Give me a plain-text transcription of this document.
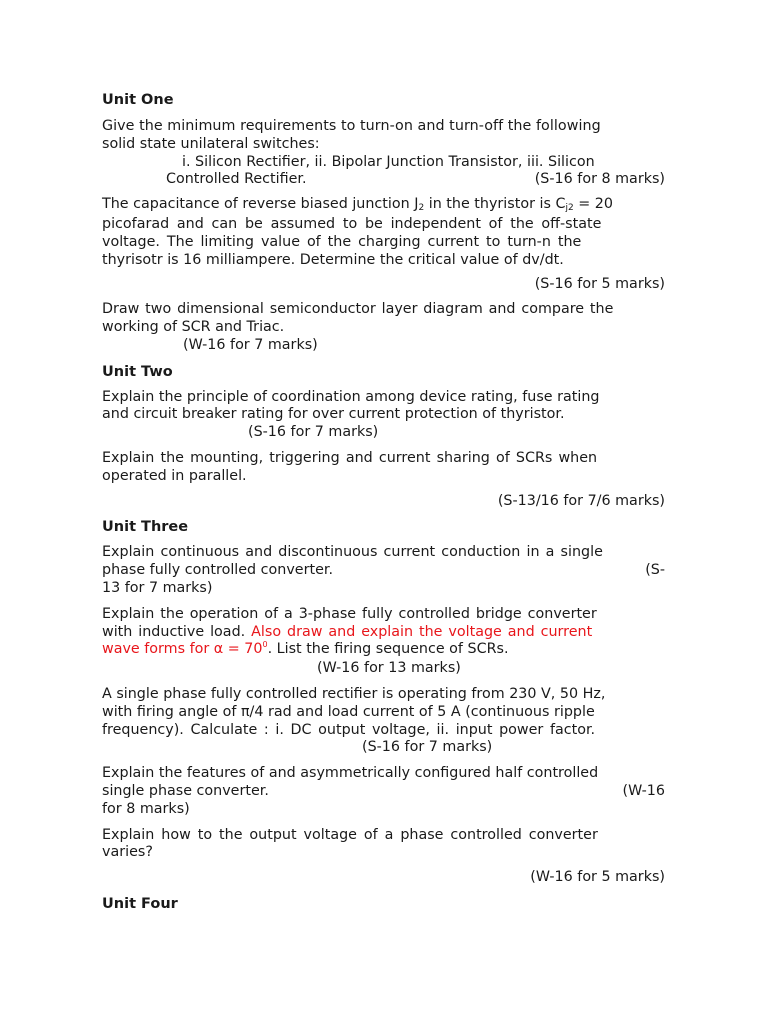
Unit One

Give the minimum requirements to turn-on and turn-off the following

solid state unilateral switches:

i. Silicon Rectifier, ii. Bipolar Junction Transistor, iii. Silicon

Controlled Rectifier.	(S-16 for 8 marks)

The capacitance of reverse biased junction J2 in the thyristor is Cj2 = 20

picofarad and can be assumed to be independent of the off-state

voltage. The limiting value of the charging current to turn-n the

thyrisotr is 16 milliampere. Determine the critical value of dv/dt.

(S-16 for 5 marks)

Draw two dimensional semiconductor layer diagram and compare the

working of SCR and Triac.

(W-16 for 7 marks)

Unit Two

Explain the principle of coordination among device rating, fuse rating

and circuit breaker rating for over current protection of thyristor.

(S-16 for 7 marks)

Explain the mounting, triggering and current sharing of SCRs when

operated in parallel.

(S-13/16 for 7/6 marks)

Unit Three

Explain continuous and discontinuous current conduction in a single

phase fully controlled converter.	(S-

13 for 7 marks)

Explain the operation of a 3-phase fully controlled bridge converter

with inductive load. Also draw and explain the voltage and current

wave forms for $\alpha = 70^0$. List the firing sequence of SCRs.

(W-16 for 13 marks)

A single phase fully controlled rectifier is operating from 230 V, 50 Hz,

with firing angle of π/4 rad and load current of 5 A (continuous ripple

frequency). Calculate : i. DC output voltage, ii. input power factor.

(S-16 for 7 marks)

Explain the features of and asymmetrically configured half controlled

single phase converter.	(W-16

for 8 marks)

Explain how to the output voltage of a phase controlled converter

varies?

(W-16 for 5 marks)

Unit Four
